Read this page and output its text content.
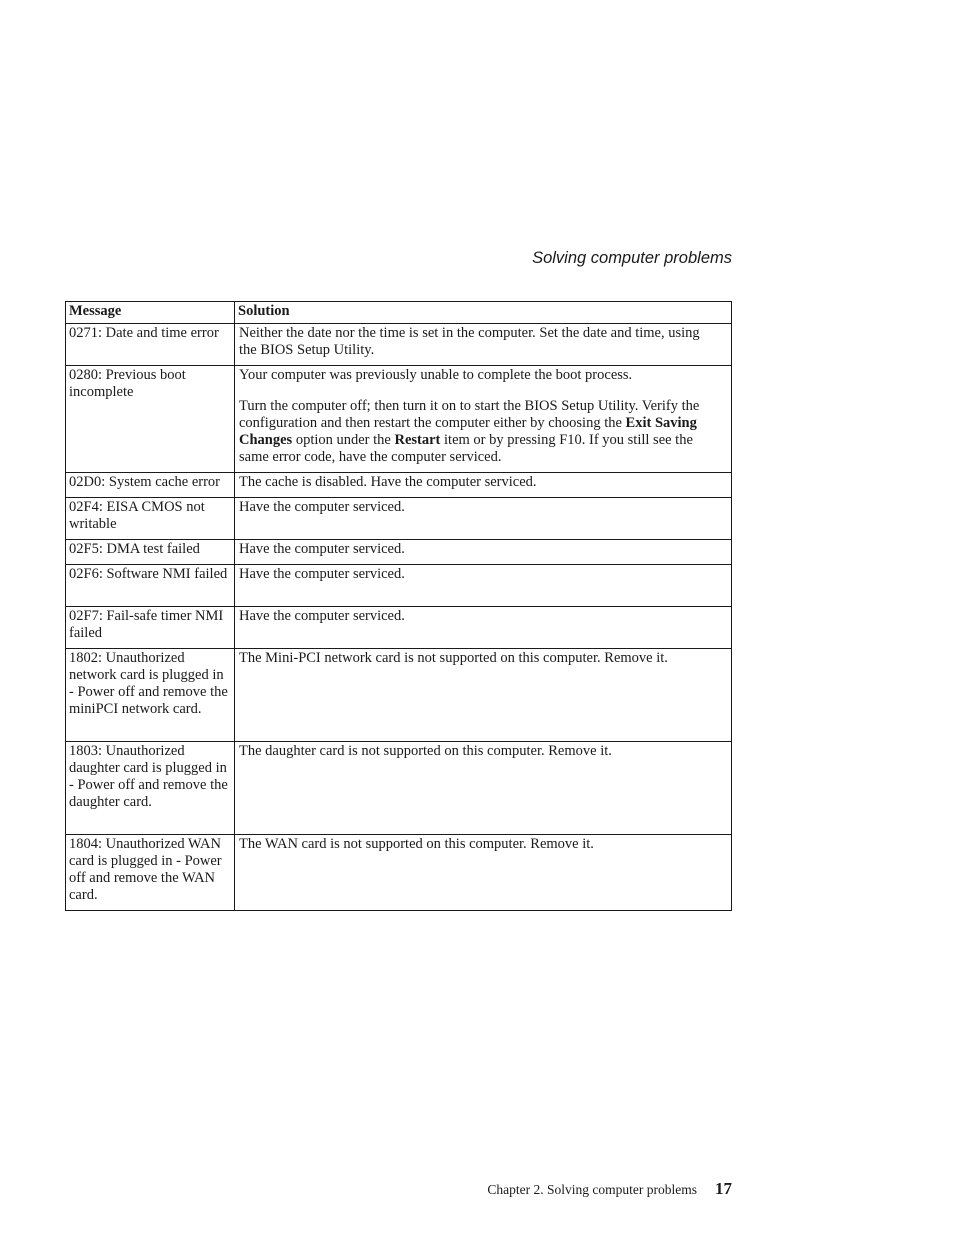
Solving computer problems
Message	Solution
0271: Date and time error	Neither the date nor the time is set in the computer. Set the date and time, using the BIOS Setup Utility.
0280: Previous boot incomplete	Your computer was previously unable to complete the boot process.

Turn the computer off; then turn it on to start the BIOS Setup Utility. Verify the configuration and then restart the computer either by choosing the Exit Saving Changes option under the Restart item or by pressing F10. If you still see the same error code, have the computer serviced.

02D0: System cache error	The cache is disabled. Have the computer serviced.
02F4: EISA CMOS not writable	Have the computer serviced.
02F5: DMA test failed	Have the computer serviced.
02F6: Software NMI failed	Have the computer serviced.
02F7: Fail-safe timer NMI failed	Have the computer serviced.
1802: Unauthorized network card is plugged in - Power off and remove the miniPCI network card.	The Mini-PCI network card is not supported on this computer. Remove it.
1803: Unauthorized daughter card is plugged in - Power off and remove the daughter card.	The daughter card is not supported on this computer. Remove it.
1804: Unauthorized WAN card is plugged in - Power off and remove the WAN card.	The WAN card is not supported on this computer. Remove it.
Chapter 2. Solving computer problems 17
